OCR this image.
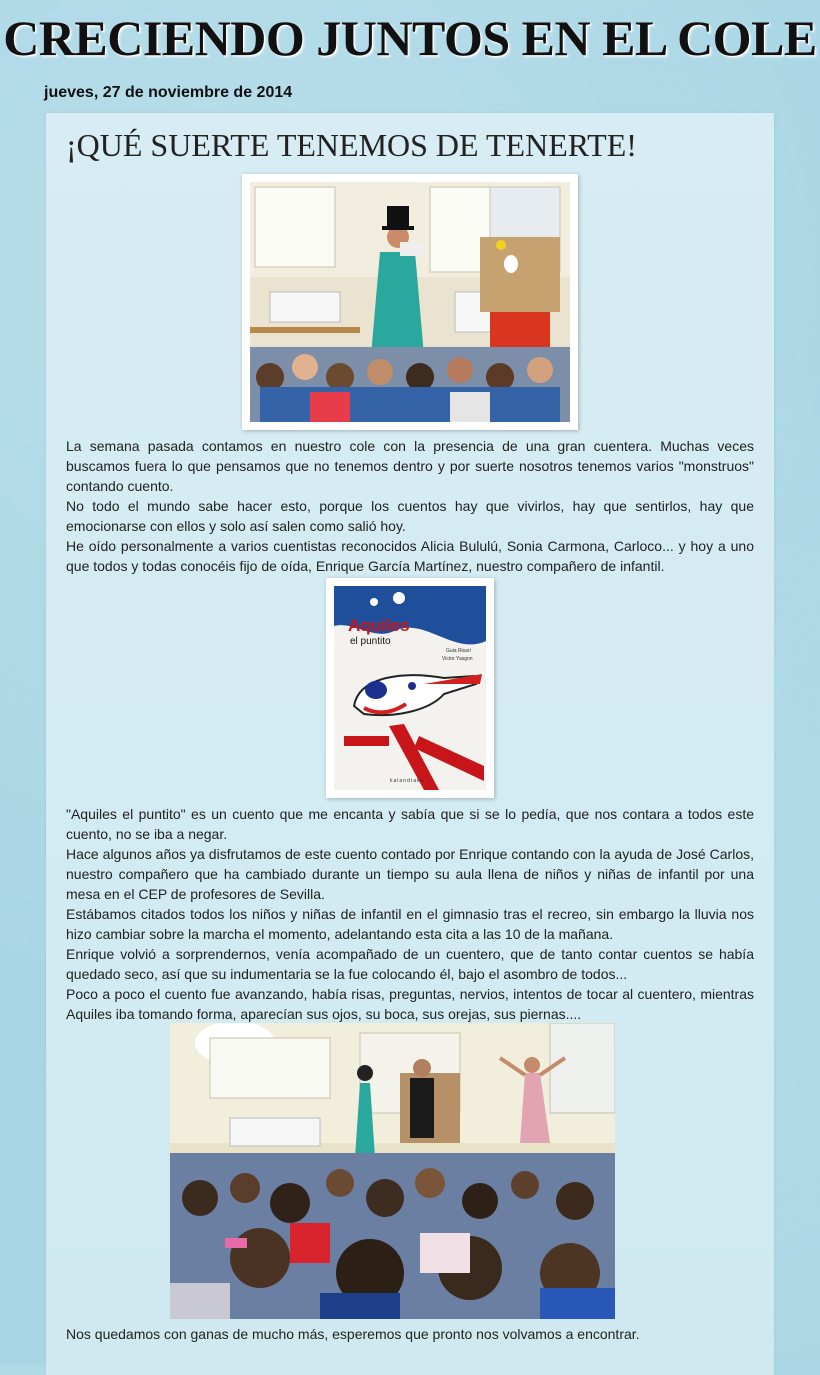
CRECIENDO JUNTOS EN EL COLE
jueves, 27 de noviembre de 2014
¡QUÉ SUERTE TENEMOS DE TENERTE!

La semana pasada contamos en nuestro cole con la presencia de una gran cuentera. Muchas veces buscamos fuera lo que pensamos que no tenemos dentro y por suerte nosotros tenemos varios "monstruos" contando cuento.

No todo el mundo sabe hacer esto, porque los cuentos hay que vivirlos, hay que sentirlos, hay que emocionarse con ellos y solo así salen como salió hoy.

He oído personalmente a varios cuentistas reconocidos Alicia Bululú, Sonia Carmona, Carloco... y hoy a uno que todos y todas conocéis fijo de oída, Enrique García Martínez, nuestro compañero de infantil.

Aquiles
el puntito
Guia Risari
Victor Yasgon
kalandraka

"Aquiles el puntito" es un cuento que me encanta y sabía que si se lo pedía, que nos contara a todos este cuento, no se iba a negar.

Hace algunos años ya disfrutamos de este cuento contado por Enrique contando con la ayuda de José Carlos, nuestro compañero que ha cambiado durante un tiempo su aula llena de niños y niñas de infantil por una mesa en el CEP de profesores de Sevilla.

Estábamos citados todos los niños y niñas de infantil en el gimnasio tras el recreo, sin embargo la lluvia nos hizo cambiar sobre la marcha el momento, adelantando esta cita a las 10 de la mañana.

Enrique volvió a sorprendernos, venía acompañado de un cuentero, que de tanto contar cuentos se había quedado seco, así que su indumentaria se la fue colocando él, bajo el asombro de todos...

Poco a poco el cuento fue avanzando, había risas, preguntas, nervios, intentos de tocar al cuentero, mientras Aquiles iba tomando forma, aparecían sus ojos, su boca, sus orejas, sus piernas....

Nos quedamos con ganas de mucho más, esperemos que pronto nos volvamos a encontrar.
